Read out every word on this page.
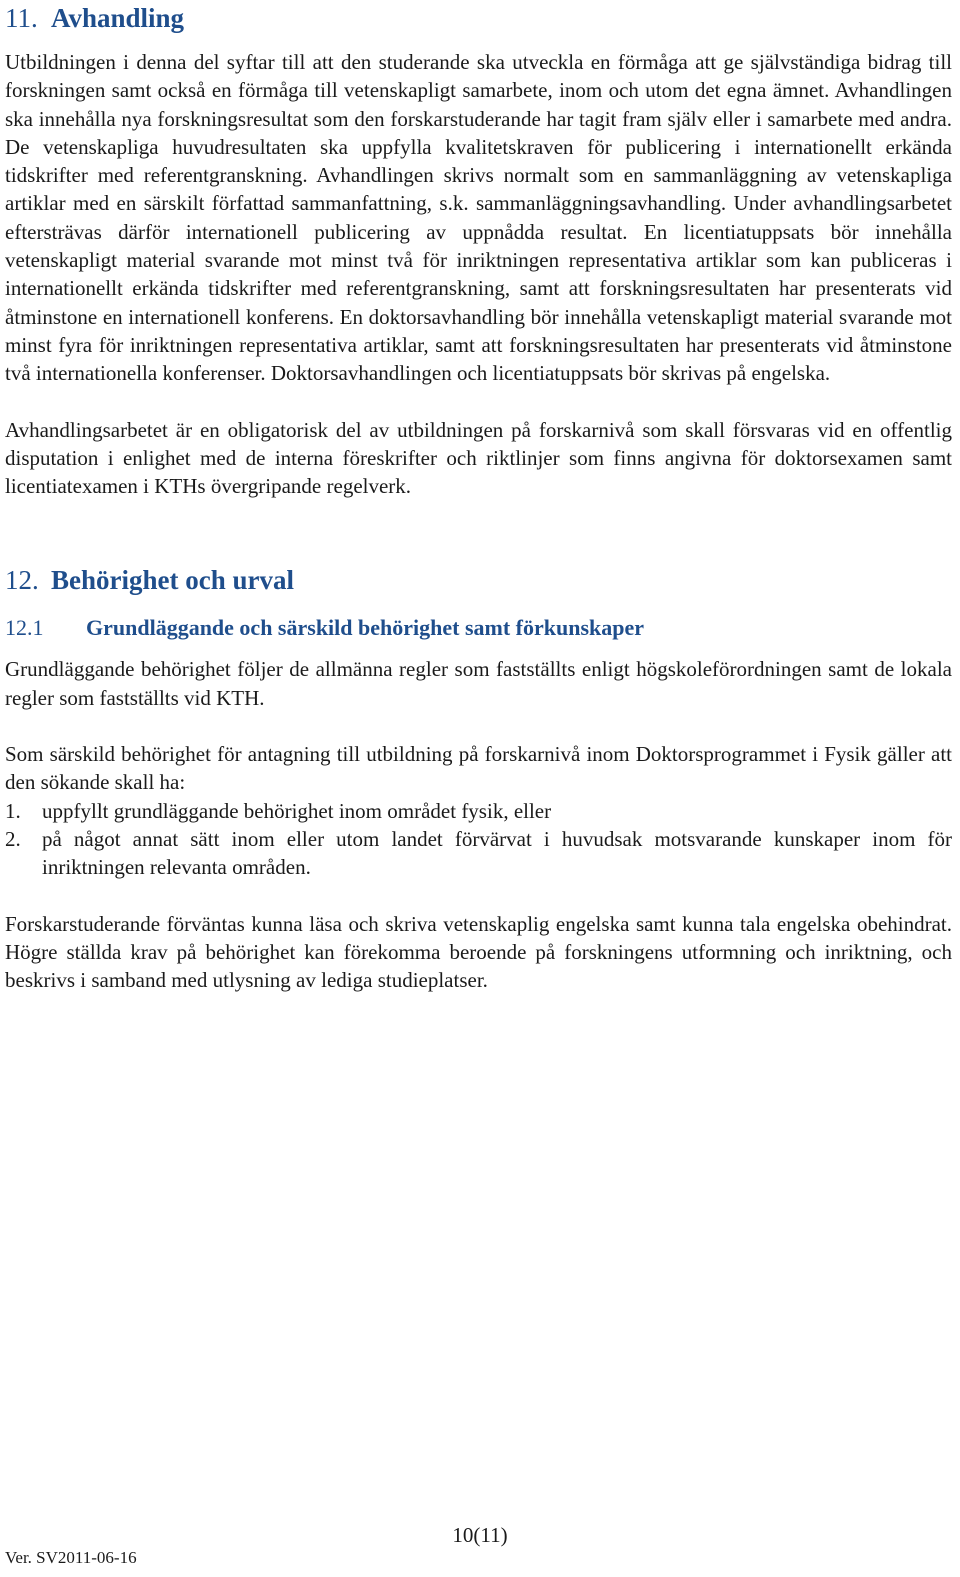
11. Avhandling

Utbildningen i denna del syftar till att den studerande ska utveckla en förmåga att ge självständiga bidrag till forskningen samt också en förmåga till vetenskapligt samarbete, inom och utom det egna ämnet. Avhandlingen ska innehålla nya forskningsresultat som den forskarstuderande har tagit fram själv eller i samarbete med andra. De vetenskapliga huvudresultaten ska uppfylla kvalitetskraven för publicering i internationellt erkända tidskrifter med referentgranskning. Avhandlingen skrivs normalt som en sammanläggning av vetenskapliga artiklar med en särskilt författad sammanfattning, s.k. sammanläggningsavhandling. Under avhandlingsarbetet eftersträvas därför internationell publicering av uppnådda resultat. En licentiatuppsats bör innehålla vetenskapligt material svarande mot minst två för inriktningen representativa artiklar som kan publiceras i internationellt erkända tidskrifter med referentgranskning, samt att forskningsresultaten har presenterats vid åtminstone en internationell konferens. En doktorsavhandling bör innehålla vetenskapligt material svarande mot minst fyra för inriktningen representativa artiklar, samt att forskningsresultaten har presenterats vid åtminstone två internationella konferenser. Doktorsavhandlingen och licentiatuppsats bör skrivas på engelska.

Avhandlingsarbetet är en obligatorisk del av utbildningen på forskarnivå som skall försvaras vid en offentlig disputation i enlighet med de interna föreskrifter och riktlinjer som finns angivna för doktorsexamen samt licentiatexamen i KTHs övergripande regelverk.

12. Behörighet och urval
12.1 Grundläggande och särskild behörighet samt förkunskaper

Grundläggande behörighet följer de allmänna regler som fastställts enligt högskoleförordningen samt de lokala regler som fastställts vid KTH.

Som särskild behörighet för antagning till utbildning på forskarnivå inom Doktorsprogrammet i Fysik gäller att den sökande skall ha:

1. uppfyllt grundläggande behörighet inom området fysik, eller
2. på något annat sätt inom eller utom landet förvärvat i huvudsak motsvarande kunskaper inom för inriktningen relevanta områden.

Forskarstuderande förväntas kunna läsa och skriva vetenskaplig engelska samt kunna tala engelska obehindrat. Högre ställda krav på behörighet kan förekomma beroende på forskningens utformning och inriktning, och beskrivs i samband med utlysning av lediga studieplatser.

10(11)
Ver. SV2011-06-16
